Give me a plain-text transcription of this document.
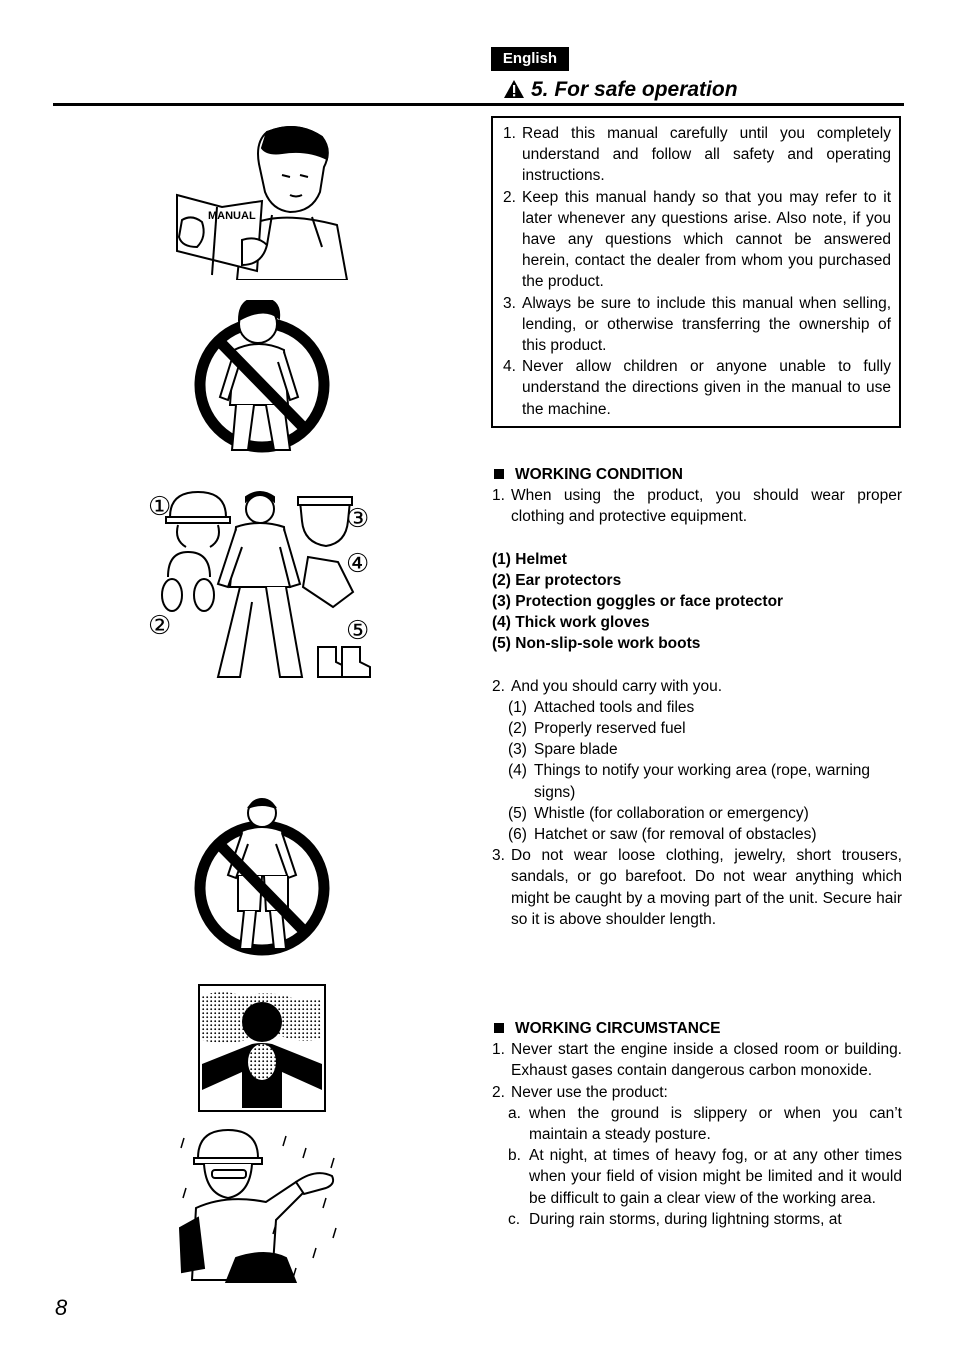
English
5. For safe operation

1. Read this manual carefully until you completely understand and follow all safety and operating instructions.

2. Keep this manual handy so that you may refer to it later whenever any questions arise. Also note, if you have any questions which cannot be answered herein, contact the dealer from whom you purchased the product.

3. Always be sure to include this manual when selling, lending, or otherwise transferring the ownership of this product.

4. Never allow children or anyone unable to fully understand the directions given in the manual to use the machine.

WORKING CONDITION

1. When using the product, you should wear proper clothing and protective equipment.

(1) Helmet

(2) Ear protectors

(3) Protection goggles or face protector

(4) Thick work gloves

(5) Non-slip-sole work boots

2. And you should carry with you.

(1) Attached tools and files

(2) Properly reserved fuel

(3) Spare blade

(4) Things to notify your working area (rope, warning signs)

(5) Whistle (for collaboration or emergency)

(6) Hatchet or saw (for removal of obstacles)

3. Do not wear loose clothing, jewelry, short trousers, sandals, or go barefoot. Do not wear anything which might be caught by a moving part of the unit. Secure hair so it is above shoulder length.

WORKING CIRCUMSTANCE

1. Never start the engine inside a closed room or building. Exhaust gases contain dangerous carbon monoxide.

2. Never use the product:

a. when the ground is slippery or when you can’t maintain a steady posture.

b. At night, at times of heavy fog, or at any other times when your field of vision might be limited and it would be difficult to gain a clear view of the working area.

c. During rain storms, during lightning storms, at

MANUAL
①
②
③
④
⑤
8
